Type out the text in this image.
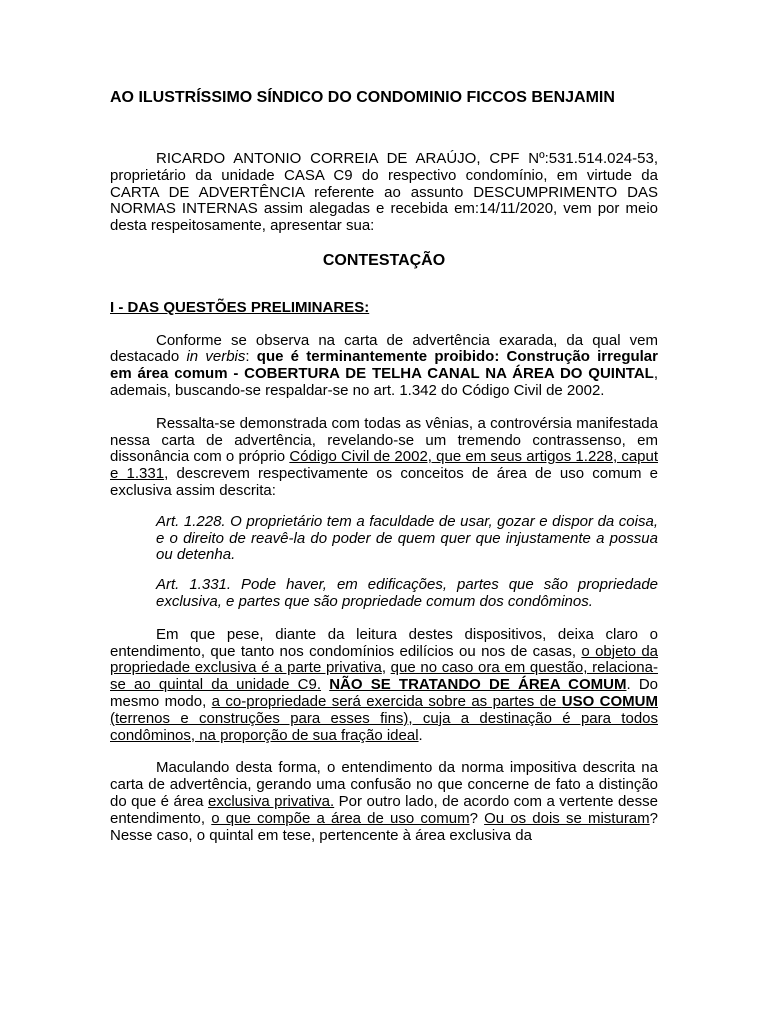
AO ILUSTRÍSSIMO SÍNDICO DO CONDOMINIO FICCOS BENJAMIN

RICARDO ANTONIO CORREIA DE ARAÚJO, CPF Nº:531.514.024-53, proprietário da unidade CASA C9 do respectivo condomínio, em virtude da CARTA DE ADVERTÊNCIA referente ao assunto DESCUMPRIMENTO DAS NORMAS INTERNAS assim alegadas e recebida em:14/11/2020, vem por meio desta respeitosamente, apresentar sua:

CONTESTAÇÃO

I - DAS QUESTÕES PRELIMINARES:

Conforme se observa na carta de advertência exarada, da qual vem destacado in verbis: que é terminantemente proibido: Construção irregular em área comum - COBERTURA DE TELHA CANAL NA ÁREA DO QUINTAL, ademais, buscando-se respaldar-se no art. 1.342 do Código Civil de 2002.

Ressalta-se demonstrada com todas as vênias, a controvérsia manifestada nessa carta de advertência, revelando-se um tremendo contrassenso, em dissonância com o próprio Código Civil de 2002, que em seus artigos 1.228, caput e 1.331, descrevem respectivamente os conceitos de área de uso comum e exclusiva assim descrita:

Art. 1.228. O proprietário tem a faculdade de usar, gozar e dispor da coisa, e o direito de reavê-la do poder de quem quer que injustamente a possua ou detenha.

Art. 1.331. Pode haver, em edificações, partes que são propriedade exclusiva, e partes que são propriedade comum dos condôminos.

Em que pese, diante da leitura destes dispositivos, deixa claro o entendimento, que tanto nos condomínios edilícios ou nos de casas, o objeto da propriedade exclusiva é a parte privativa, que no caso ora em questão, relaciona-se ao quintal da unidade C9. NÃO SE TRATANDO DE ÁREA COMUM. Do mesmo modo, a co-propriedade será exercida sobre as partes de USO COMUM (terrenos e construções para esses fins), cuja a destinação é para todos condôminos, na proporção de sua fração ideal.

Maculando desta forma, o entendimento da norma impositiva descrita na carta de advertência, gerando uma confusão no que concerne de fato a distinção do que é área exclusiva privativa. Por outro lado, de acordo com a vertente desse entendimento, o que compõe a área de uso comum? Ou os dois se misturam? Nesse caso, o quintal em tese, pertencente à área exclusiva da
